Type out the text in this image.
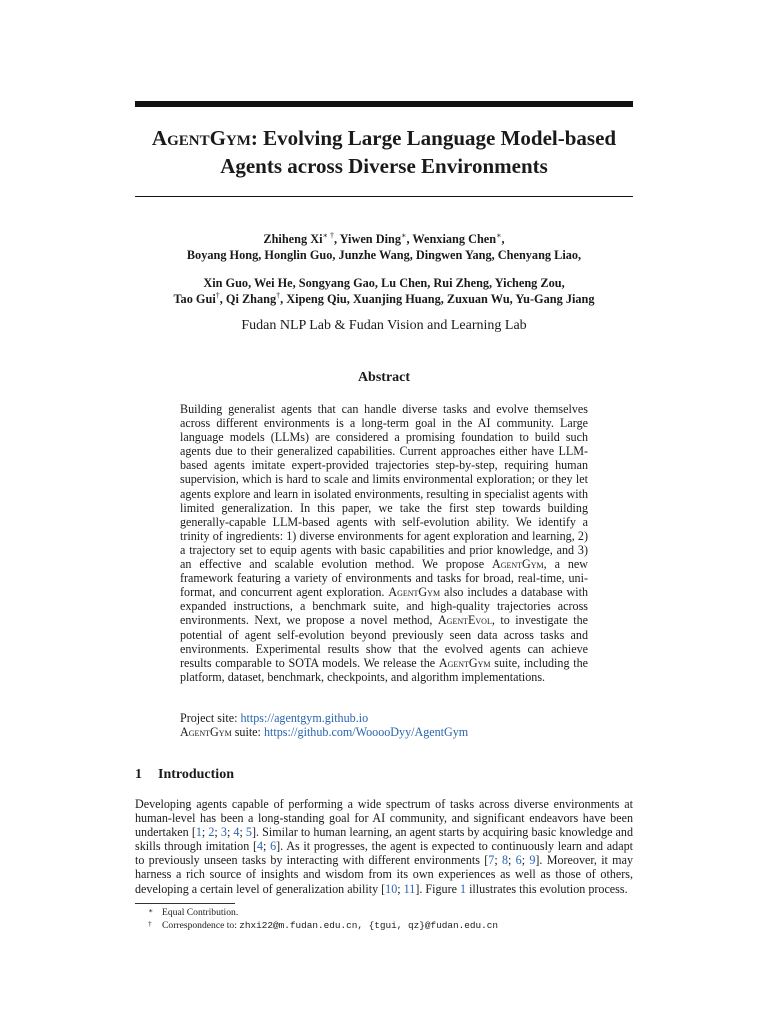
AgentGym: Evolving Large Language Model-based
Agents across Diverse Environments
Zhiheng Xi∗ †, Yiwen Ding∗, Wenxiang Chen∗,
Boyang Hong, Honglin Guo, Junzhe Wang, Dingwen Yang, Chenyang Liao,
Xin Guo, Wei He, Songyang Gao, Lu Chen, Rui Zheng, Yicheng Zou,
Tao Gui†, Qi Zhang†, Xipeng Qiu, Xuanjing Huang, Zuxuan Wu, Yu-Gang Jiang
Fudan NLP Lab & Fudan Vision and Learning Lab
Abstract
Building generalist agents that can handle diverse tasks and evolve themselves across different environments is a long-term goal in the AI community. Large language models (LLMs) are considered a promising foundation to build such agents due to their generalized capabilities. Current approaches either have LLM-based agents imitate expert-provided trajectories step-by-step, requiring human supervision, which is hard to scale and limits environmental exploration; or they let agents explore and learn in isolated environments, resulting in specialist agents with limited generalization. In this paper, we take the first step towards building generally-capable LLM-based agents with self-evolution ability. We identify a trinity of ingredients: 1) diverse environments for agent exploration and learning, 2) a trajectory set to equip agents with basic capabilities and prior knowledge, and 3) an effective and scalable evolution method. We propose AgentGym, a new framework featuring a variety of environments and tasks for broad, real-time, uni-format, and concurrent agent exploration. AgentGym also includes a database with expanded instructions, a benchmark suite, and high-quality trajectories across environments. Next, we propose a novel method, AgentEvol, to investigate the potential of agent self-evolution beyond previously seen data across tasks and environments. Experimental results show that the evolved agents can achieve results comparable to SOTA models. We release the AgentGym suite, including the platform, dataset, benchmark, checkpoints, and algorithm implementations.
Project site: https://agentgym.github.io
AgentGym suite: https://github.com/WooooDyy/AgentGym
1 Introduction
Developing agents capable of performing a wide spectrum of tasks across diverse environments at human-level has been a long-standing goal for AI community, and significant endeavors have been undertaken [1; 2; 3; 4; 5]. Similar to human learning, an agent starts by acquiring basic knowledge and skills through imitation [4; 6]. As it progresses, the agent is expected to continuously learn and adapt to previously unseen tasks by interacting with different environments [7; 8; 6; 9]. Moreover, it may harness a rich source of insights and wisdom from its own experiences as well as those of others, developing a certain level of generalization ability [10; 11]. Figure 1 illustrates this evolution process.
∗ Equal Contribution.
† Correspondence to: zhxi22@m.fudan.edu.cn, {tgui, qz}@fudan.edu.cn
